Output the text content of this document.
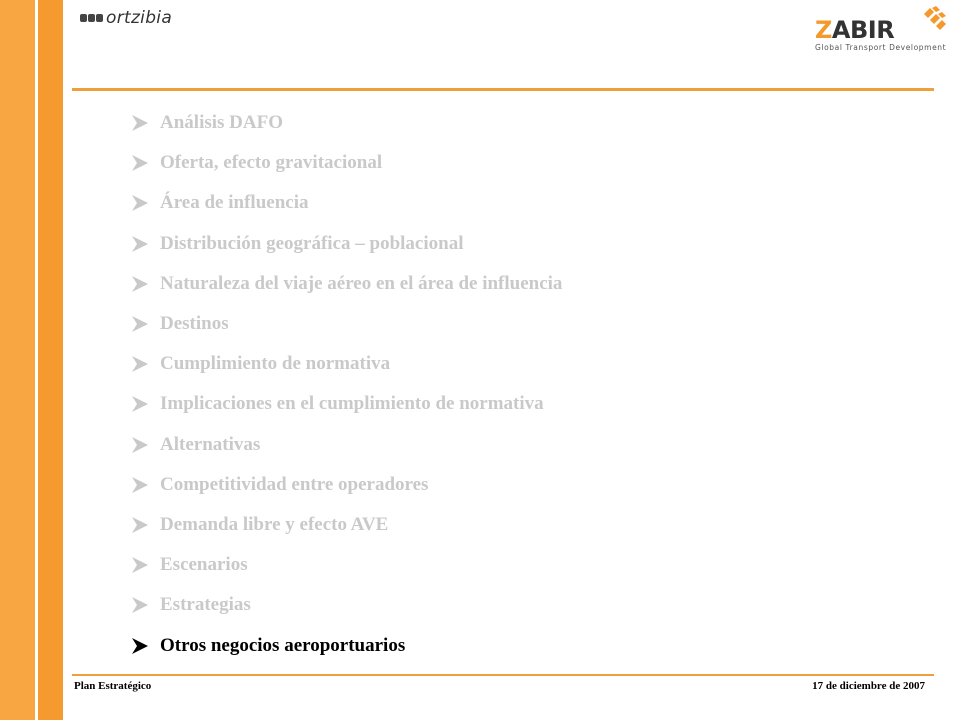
ortzibia	ZABIR
Global Transport Development
Análisis DAFO
Oferta, efecto gravitacional
Área de influencia
Distribución geográfica – poblacional
Naturaleza del viaje aéreo en el área de influencia
Destinos
Cumplimiento de normativa
Implicaciones en el cumplimiento de normativa
Alternativas
Competitividad entre operadores
Demanda libre y efecto AVE
Escenarios
Estrategias
Otros negocios aeroportuarios
Plan Estratégico	17 de diciembre de 2007
